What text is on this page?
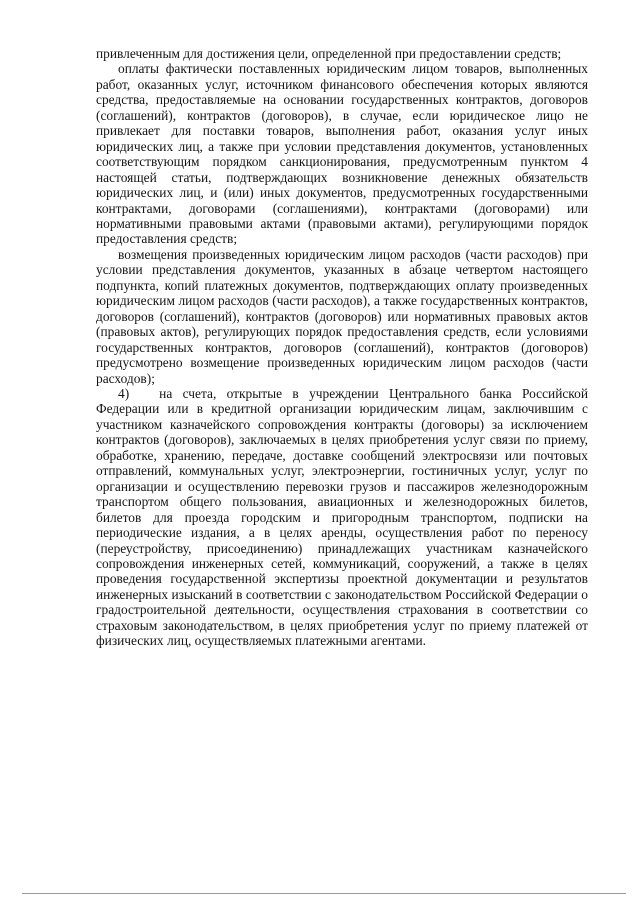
привлеченным для достижения цели, определенной при предоставлении средств;

оплаты фактически поставленных юридическим лицом товаров, выполненных работ, оказанных услуг, источником финансового обеспечения которых являются средства, предоставляемые на основании государственных контрактов, договоров (соглашений), контрактов (договоров), в случае, если юридическое лицо не привлекает для поставки товаров, выполнения работ, оказания услуг иных юридических лиц, а также при условии представления документов, установленных соответствующим порядком санкционирования, предусмотренным пунктом 4 настоящей статьи, подтверждающих возникновение денежных обязательств юридических лиц, и (или) иных документов, предусмотренных государственными контрактами, договорами (соглашениями), контрактами (договорами) или нормативными правовыми актами (правовыми актами), регулирующими порядок предоставления средств;

возмещения произведенных юридическим лицом расходов (части расходов) при условии представления документов, указанных в абзаце четвертом настоящего подпункта, копий платежных документов, подтверждающих оплату произведенных юридическим лицом расходов (части расходов), а также государственных контрактов, договоров (соглашений), контрактов (договоров) или нормативных правовых актов (правовых актов), регулирующих порядок предоставления средств, если условиями государственных контрактов, договоров (соглашений), контрактов (договоров) предусмотрено возмещение произведенных юридическим лицом расходов (части расходов);

4) на счета, открытые в учреждении Центрального банка Российской Федерации или в кредитной организации юридическим лицам, заключившим с участником казначейского сопровождения контракты (договоры) за исключением контрактов (договоров), заключаемых в целях приобретения услуг связи по приему, обработке, хранению, передаче, доставке сообщений электросвязи или почтовых отправлений, коммунальных услуг, электроэнергии, гостиничных услуг, услуг по организации и осуществлению перевозки грузов и пассажиров железнодорожным транспортом общего пользования, авиационных и железнодорожных билетов, билетов для проезда городским и пригородным транспортом, подписки на периодические издания, а в целях аренды, осуществления работ по переносу (переустройству, присоединению) принадлежащих участникам казначейского сопровождения инженерных сетей, коммуникаций, сооружений, а также в целях проведения государственной экспертизы проектной документации и результатов инженерных изысканий в соответствии с законодательством Российской Федерации о градостроительной деятельности, осуществления страхования в соответствии со страховым законодательством, в целях приобретения услуг по приему платежей от физических лиц, осуществляемых платежными агентами.
